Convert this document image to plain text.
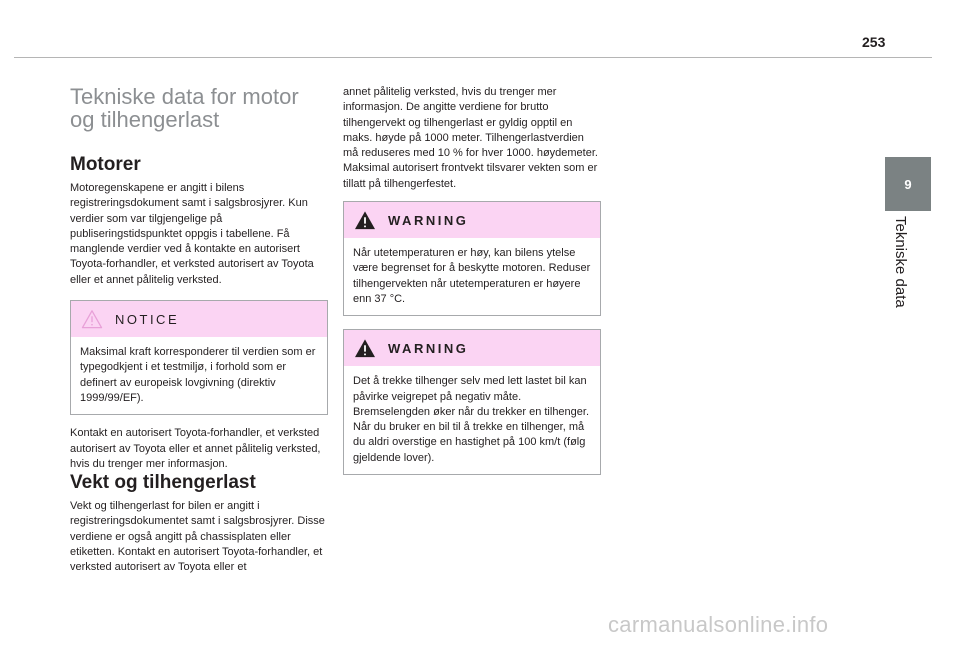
253
9
Tekniske data
Tekniske data for motor og tilhengerlast
Motorer

Motoregenskapene er angitt i bilens registreringsdokument samt i salgsbrosjyrer. Kun verdier som var tilgjengelige på publiseringstidspunktet oppgis i tabellene. Få manglende verdier ved å kontakte en autorisert Toyota-forhandler, et verksted autorisert av Toyota eller et annet pålitelig verksted.

NOTICE
Maksimal kraft korresponderer til verdien som er typegodkjent i et testmiljø, i forhold som er definert av europeisk lovgivning (direktiv 1999/99/EF).

Kontakt en autorisert Toyota-forhandler, et verksted autorisert av Toyota eller et annet pålitelig verksted, hvis du trenger mer informasjon.

Vekt og tilhengerlast

Vekt og tilhengerlast for bilen er angitt i registreringsdokumentet samt i salgsbrosjyrer. Disse verdiene er også angitt på chassisplaten eller etiketten. Kontakt en autorisert Toyota-forhandler, et verksted autorisert av Toyota eller et

annet pålitelig verksted, hvis du trenger mer informasjon. De angitte verdiene for brutto tilhengervekt og tilhengerlast er gyldig opptil en maks. høyde på 1000 meter. Tilhengerlastverdien må reduseres med 10 % for hver 1000. høydemeter. Maksimal autorisert frontvekt tilsvarer vekten som er tillatt på tilhengerfestet.

WARNING
Når utetemperaturen er høy, kan bilens ytelse være begrenset for å beskytte motoren. Reduser tilhengervekten når utetemperaturen er høyere enn 37 °C.
WARNING
Det å trekke tilhenger selv med lett lastet bil kan påvirke veigrepet på negativ måte. Bremselengden øker når du trekker en tilhenger. Når du bruker en bil til å trekke en tilhenger, må du aldri overstige en hastighet på 100 km/t (følg gjeldende lover).
carmanualsonline.info
